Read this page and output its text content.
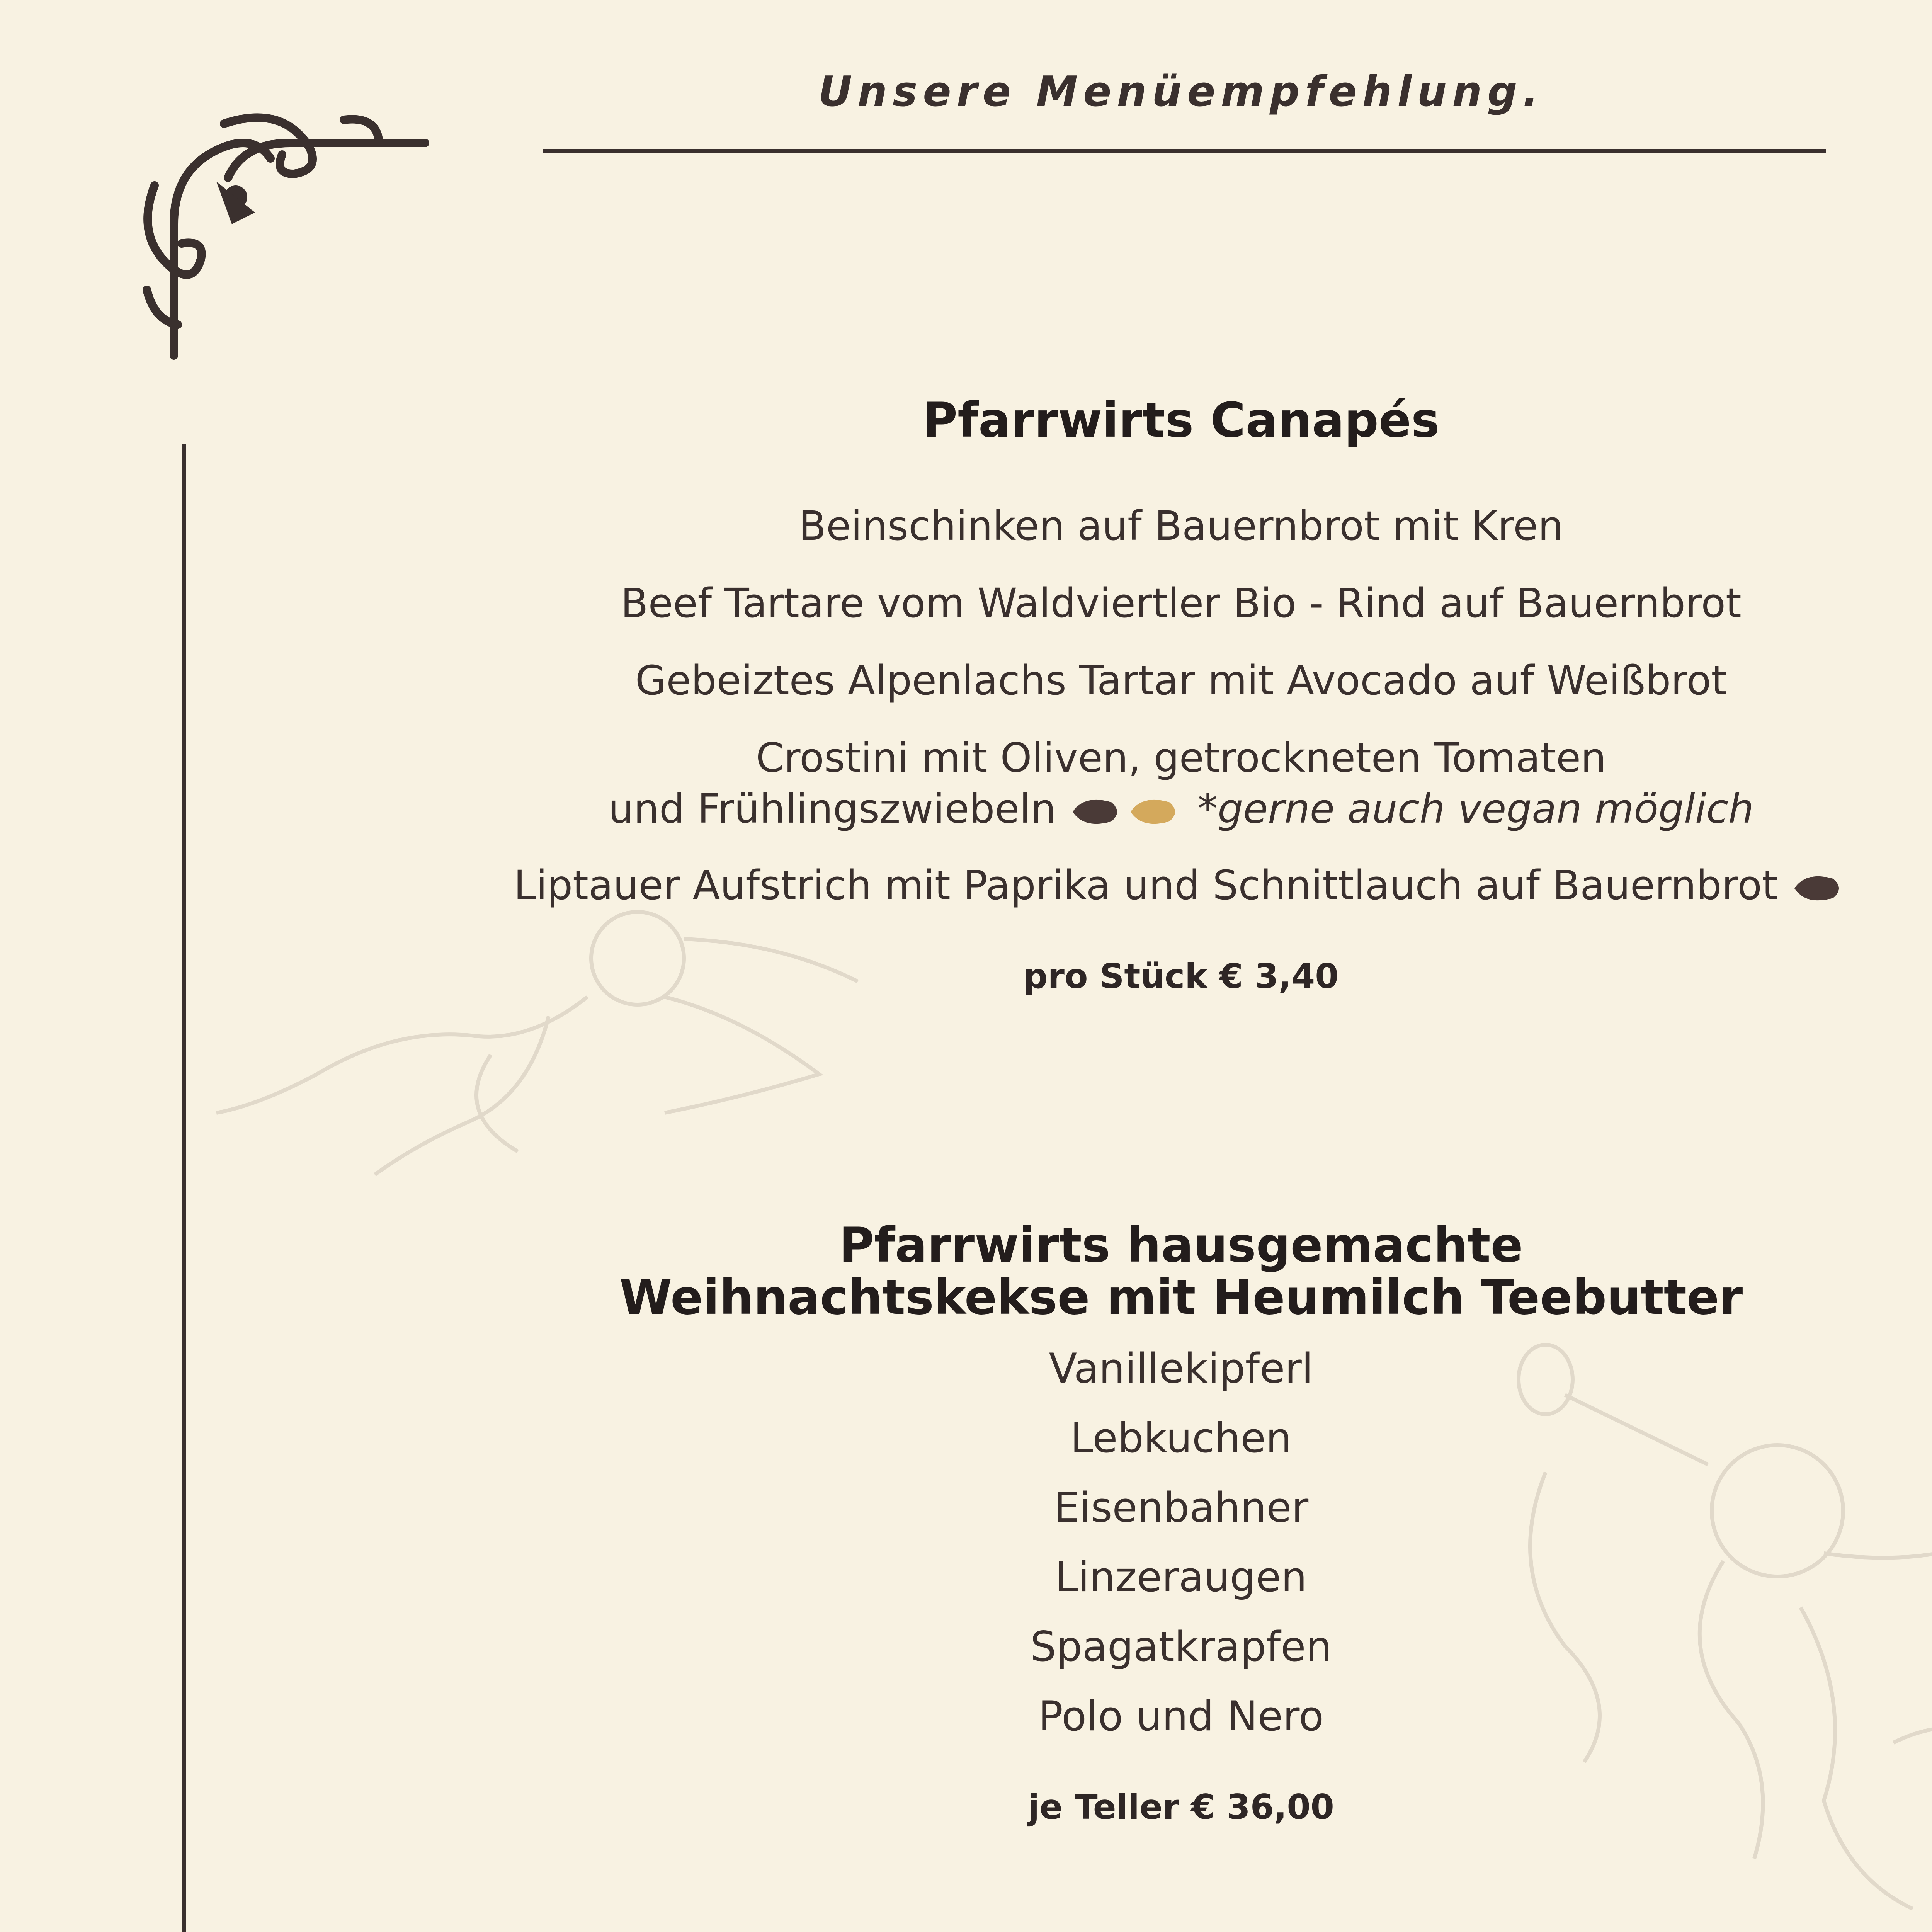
Unsere Menüempfehlung.
Pfarrwirts Canapés
Beinschinken auf Bauernbrot mit Kren
Beef Tartare vom Waldviertler Bio - Rind auf Bauernbrot
Gebeiztes Alpenlachs Tartar mit Avocado auf Weißbrot
Crostini mit Oliven, getrockneten Tomaten
und Frühlingszwiebeln	*gerne auch vegan möglich
Liptauer Aufstrich mit Paprika und Schnittlauch auf Bauernbrot
pro Stück € 3,40
Pfarrwirts hausgemachte
Weihnachtskekse mit Heumilch Teebutter
Vanillekipferl
Lebkuchen
Eisenbahner
Linzeraugen
Spagatkrapfen
Polo und Nero
je Teller € 36,00
